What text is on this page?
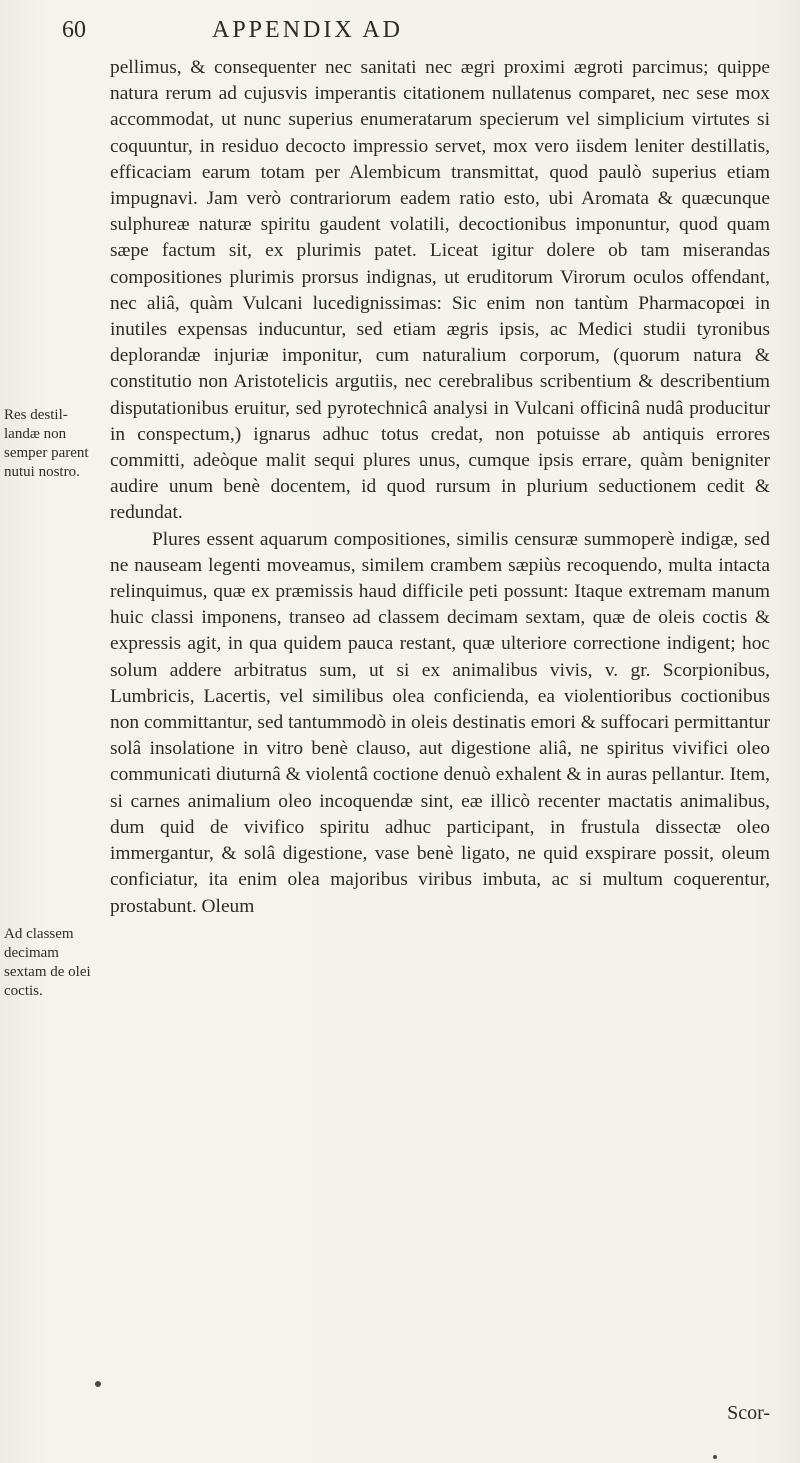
60	APPENDIX AD
Res destil-landæ non semper parent nutui nostro.
Ad classem decimam sextam de olei coctis.

pellimus, & consequenter nec sanitati nec ægri proximi ægroti parcimus; quippe natura rerum ad cujusvis imperantis citationem nullatenus comparet, nec sese mox accommodat, ut nunc superius enumeratarum specierum vel simplicium virtutes si coquuntur, in residuo decocto impressio servet, mox vero iisdem leniter destillatis, efficaciam earum totam per Alembicum transmittat, quod paulò superius etiam impugnavi. Jam verò contrariorum eadem ratio esto, ubi Aromata & quæcunque sulphureæ naturæ spiritu gaudent volatili, decoctionibus imponuntur, quod quam sæpe factum sit, ex plurimis patet. Liceat igitur dolere ob tam miserandas compositiones plurimis prorsus indignas, ut eruditorum Virorum oculos offendant, nec aliâ, quàm Vulcani lucedignissimas: Sic enim non tantùm Pharmacopœi in inutiles expensas inducuntur, sed etiam ægris ipsis, ac Medici studii tyronibus deplorandæ injuriæ imponitur, cum naturalium corporum, (quorum natura & constitutio non Aristotelicis argutiis, nec cerebralibus scribentium & describentium disputationibus eruitur, sed pyrotechnicâ analysi in Vulcani officinâ nudâ producitur in conspectum,) ignarus adhuc totus credat, non potuisse ab antiquis errores committi, adeòque malit sequi plures unus, cumque ipsis errare, quàm benigniter audire unum benè docentem, id quod rursum in plurium seductionem cedit & redundat.

Plures essent aquarum compositiones, similis censuræ summoperè indigæ, sed ne nauseam legenti moveamus, similem crambem sæpiùs recoquendo, multa intacta relinquimus, quæ ex præmissis haud difficile peti possunt: Itaque extremam manum huic classi imponens, transeo ad classem decimam sextam, quæ de oleis coctis & expressis agit, in qua quidem pauca restant, quæ ulteriore correctione indigent; hoc solum addere arbitratus sum, ut si ex animalibus vivis, v. gr. Scorpionibus, Lumbricis, Lacertis, vel similibus olea conficienda, ea violentioribus coctionibus non committantur, sed tantummodò in oleis destinatis emori & suffocari permittantur solâ insolatione in vitro benè clauso, aut digestione aliâ, ne spiritus vivifici oleo communicati diuturnâ & violentâ coctione denuò exhalent & in auras pellantur. Item, si carnes animalium oleo incoquendæ sint, eæ illicò recenter mactatis animalibus, dum quid de vivifico spiritu adhuc participant, in frustula dissectæ oleo immergantur, & solâ digestione, vase benè ligato, ne quid exspirare possit, oleum conficiatur, ita enim olea majoribus viribus imbuta, ac si multum coquerentur, prostabunt. Oleum

Scor-
